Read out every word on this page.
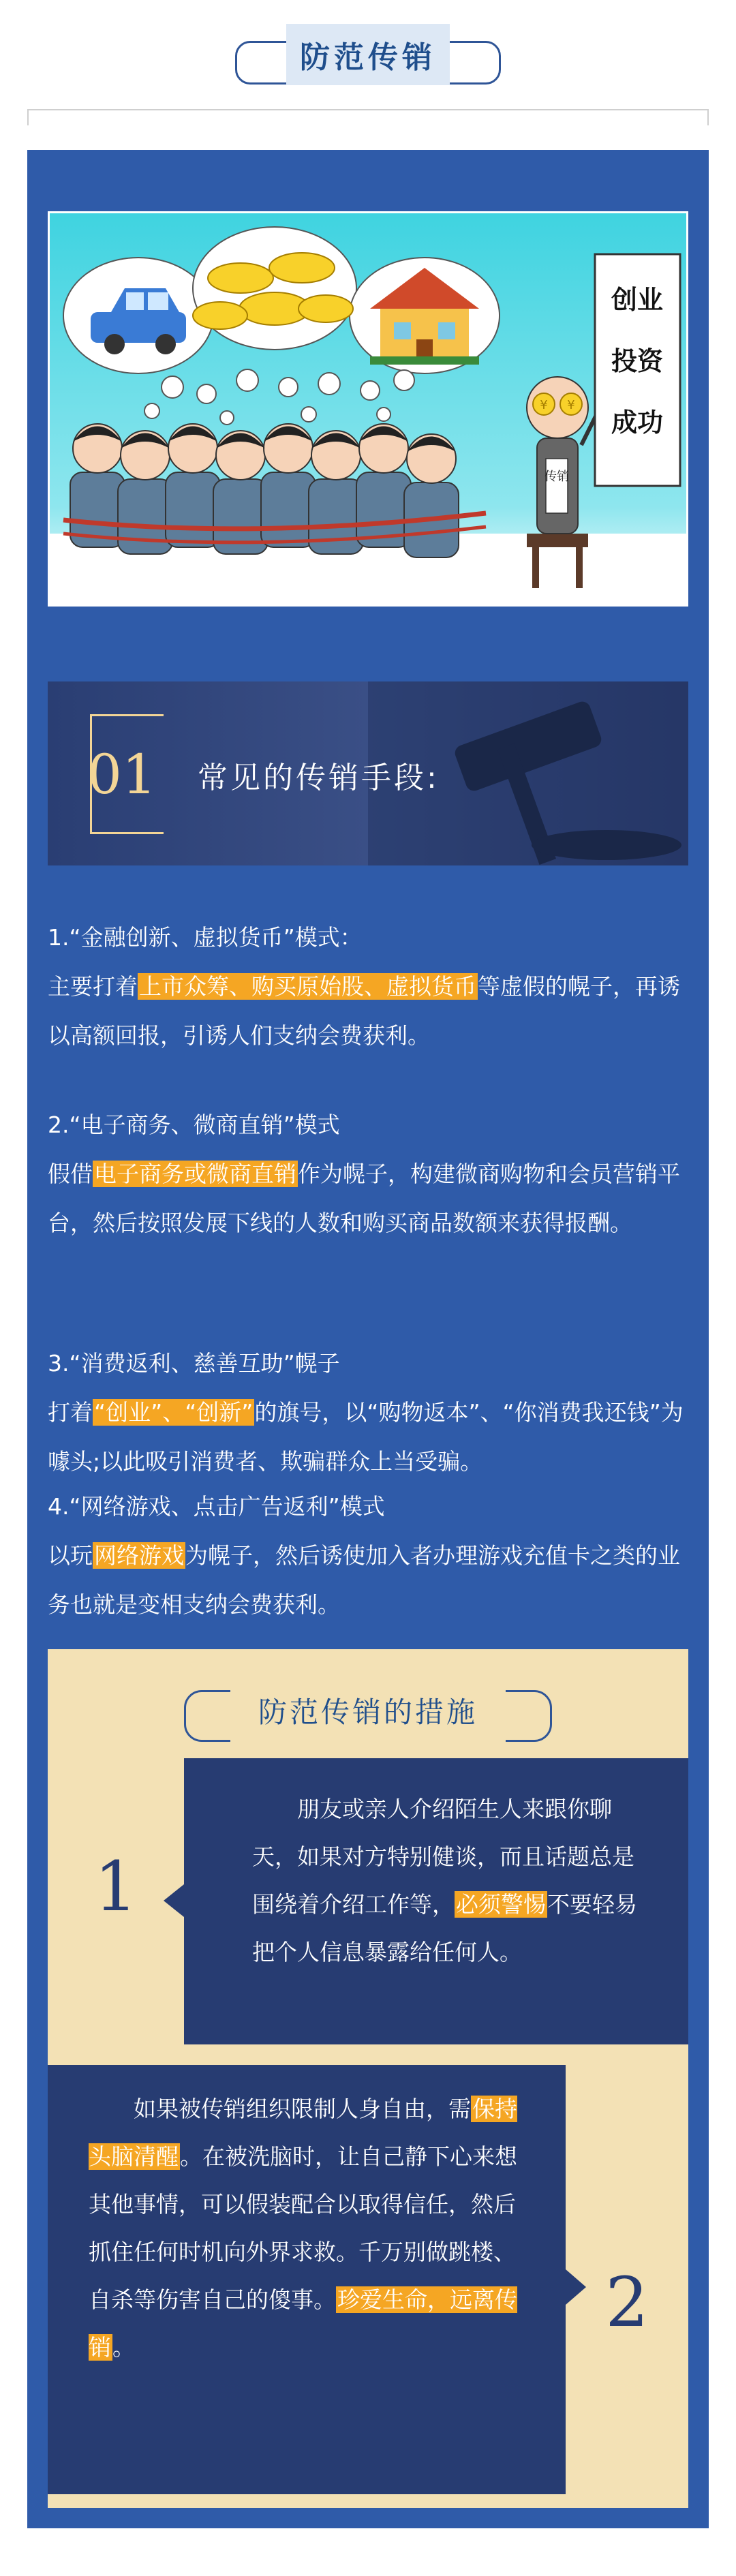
防范传销
¥ ¥
传销
创业
投资
成功
01	常见的传销手段:

1.“金融创新、虚拟货币”模式：

主要打着上市众筹、购买原始股、虚拟货币等虚假的幌子，再诱以高额回报，引诱人们支纳会费获利。

2.“电子商务、微商直销”模式

假借电子商务或微商直销作为幌子，构建微商购物和会员营销平台，然后按照发展下线的人数和购买商品数额来获得报酬。

3.“消费返利、慈善互助”幌子

打着“创业”、“创新”的旗号，以“购物返本”、“你消费我还钱”为噱头;以此吸引消费者、欺骗群众上当受骗。

4.“网络游戏、点击广告返利”模式

以玩网络游戏为幌子，然后诱使加入者办理游戏充值卡之类的业务也就是变相支纳会费获利。

防范传销的措施
1
朋友或亲人介绍陌生人来跟你聊天，如果对方特别健谈，而且话题总是围绕着介绍工作等，必须警惕不要轻易把个人信息暴露给任何人。
如果被传销组织限制人身自由，需保持头脑清醒。在被洗脑时，让自己静下心来想其他事情，可以假装配合以取得信任，然后抓住任何时机向外界求救。千万别做跳楼、自杀等伤害自己的傻事。珍爱生命，远离传销。
2
